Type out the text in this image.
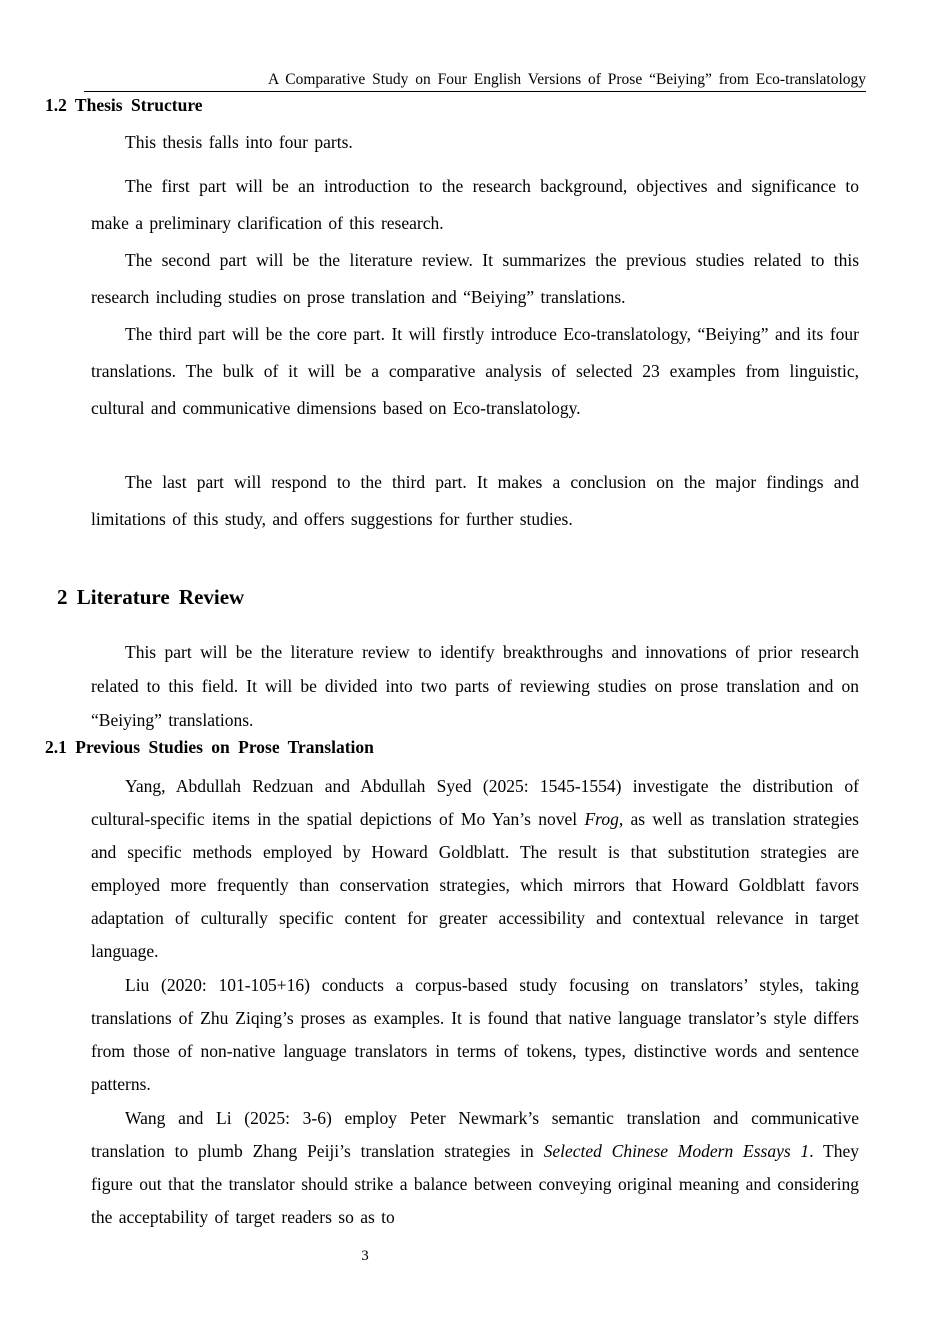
A Comparative Study on Four English Versions of Prose “Beiying” from Eco-translatology
1.2 Thesis Structure
This thesis falls into four parts.
The first part will be an introduction to the research background, objectives and significance to make a preliminary clarification of this research.
The second part will be the literature review. It summarizes the previous studies related to this research including studies on prose translation and “Beiying” translations.
The third part will be the core part. It will firstly introduce Eco-translatology, “Beiying” and its four translations. The bulk of it will be a comparative analysis of selected 23 examples from linguistic, cultural and communicative dimensions based on Eco-translatology.
The last part will respond to the third part. It makes a conclusion on the major findings and limitations of this study, and offers suggestions for further studies.
2 Literature Review
This part will be the literature review to identify breakthroughs and innovations of prior research related to this field. It will be divided into two parts of reviewing studies on prose translation and on “Beiying” translations.
2.1 Previous Studies on Prose Translation
Yang, Abdullah Redzuan and Abdullah Syed (2025: 1545-1554) investigate the distribution of cultural-specific items in the spatial depictions of Mo Yan’s novel Frog, as well as translation strategies and specific methods employed by Howard Goldblatt. The result is that substitution strategies are employed more frequently than conservation strategies, which mirrors that Howard Goldblatt favors adaptation of culturally specific content for greater accessibility and contextual relevance in target language.
Liu (2020: 101-105+16) conducts a corpus-based study focusing on translators’ styles, taking translations of Zhu Ziqing’s proses as examples. It is found that native language translator’s style differs from those of non-native language translators in terms of tokens, types, distinctive words and sentence patterns.
Wang and Li (2025: 3-6) employ Peter Newmark’s semantic translation and communicative translation to plumb Zhang Peiji’s translation strategies in Selected Chinese Modern Essays 1. They figure out that the translator should strike a balance between conveying original meaning and considering the acceptability of target readers so as to
3
